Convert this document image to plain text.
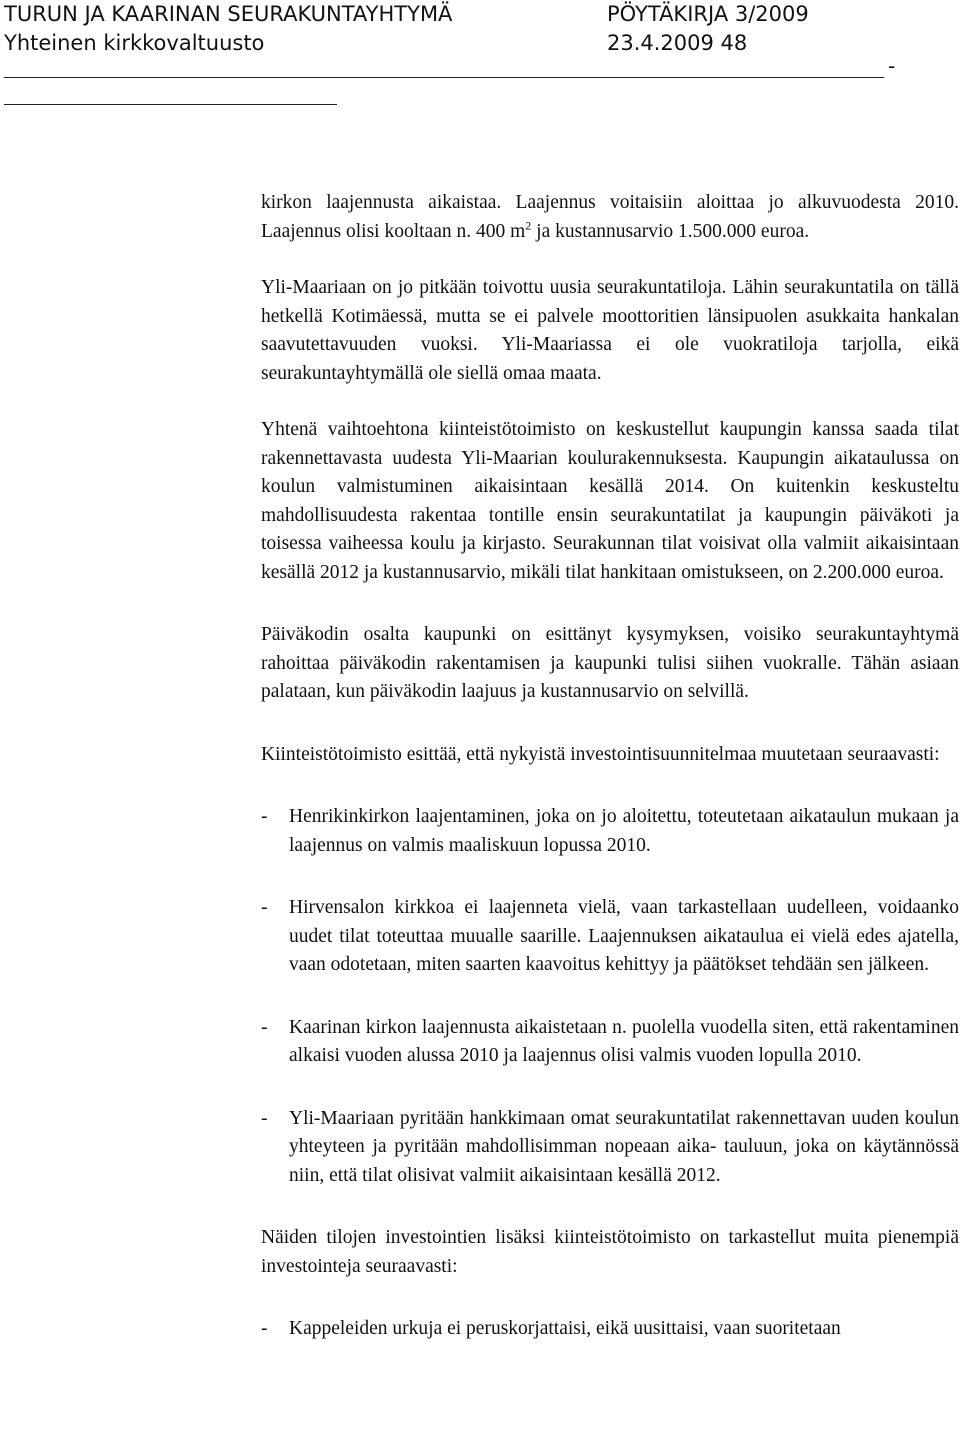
TURUN JA KAARINAN SEURAKUNTAYHTYMÄ	PÖYTÄKIRJA 3/2009
Yhteinen kirkkovaltuusto	23.4.2009 48
-

kirkon laajennusta aikaistaa. Laajennus voitaisiin aloittaa jo alkuvuodesta 2010. Laajennus olisi kooltaan n. 400 $m^2$ ja kustannusarvio 1.500.000 euroa.

Yli-Maariaan on jo pitkään toivottu uusia seurakuntatiloja. Lähin seurakuntatila on tällä hetkellä Kotimäessä, mutta se ei palvele moottoritien länsipuolen asukkaita hankalan saavutettavuuden vuoksi. Yli-Maariassa ei ole vuokratiloja tarjolla, eikä seurakuntayhtymällä ole siellä omaa maata.

Yhtenä vaihtoehtona kiinteistötoimisto on keskustellut kaupungin kanssa saada tilat rakennettavasta uudesta Yli-Maarian koulurakennuksesta. Kaupungin aikataulussa on koulun valmistuminen aikaisintaan kesällä 2014. On kuitenkin keskusteltu mahdollisuudesta rakentaa tontille ensin seurakuntatilat ja kaupungin päiväkoti ja toisessa vaiheessa koulu ja kirjasto. Seurakunnan tilat voisivat olla valmiit aikaisintaan kesällä 2012 ja kustannusarvio, mikäli tilat hankitaan omistukseen, on 2.200.000 euroa.

Päiväkodin osalta kaupunki on esittänyt kysymyksen, voisiko seurakuntayhtymä rahoittaa päiväkodin rakentamisen ja kaupunki tulisi siihen vuokralle. Tähän asiaan palataan, kun päiväkodin laajuus ja kustannusarvio on selvillä.

Kiinteistötoimisto esittää, että nykyistä investointisuunnitelmaa muutetaan seuraavasti:

-	Henrikinkirkon laajentaminen, joka on jo aloitettu, toteutetaan aikataulun mukaan ja laajennus on valmis maaliskuun lopussa 2010.
-	Hirvensalon kirkkoa ei laajenneta vielä, vaan tarkastellaan uudelleen, voidaanko uudet tilat toteuttaa muualle saarille. Laajennuksen aikataulua ei vielä edes ajatella, vaan odotetaan, miten saarten kaavoitus kehittyy ja päätökset tehdään sen jälkeen.
-	Kaarinan kirkon laajennusta aikaistetaan n. puolella vuodella siten, että rakentaminen alkaisi vuoden alussa 2010 ja laajennus olisi valmis vuoden lopulla 2010.
-	Yli-Maariaan pyritään hankkimaan omat seurakuntatilat rakennettavan uuden koulun yhteyteen ja pyritään mahdollisimman nopeaan aika- tauluun, joka on käytännössä niin, että tilat olisivat valmiit aikaisintaan kesällä 2012.

Näiden tilojen investointien lisäksi kiinteistötoimisto on tarkastellut muita pienempiä investointeja seuraavasti:

-	Kappeleiden urkuja ei peruskorjattaisi, eikä uusittaisi, vaan suoritetaan
